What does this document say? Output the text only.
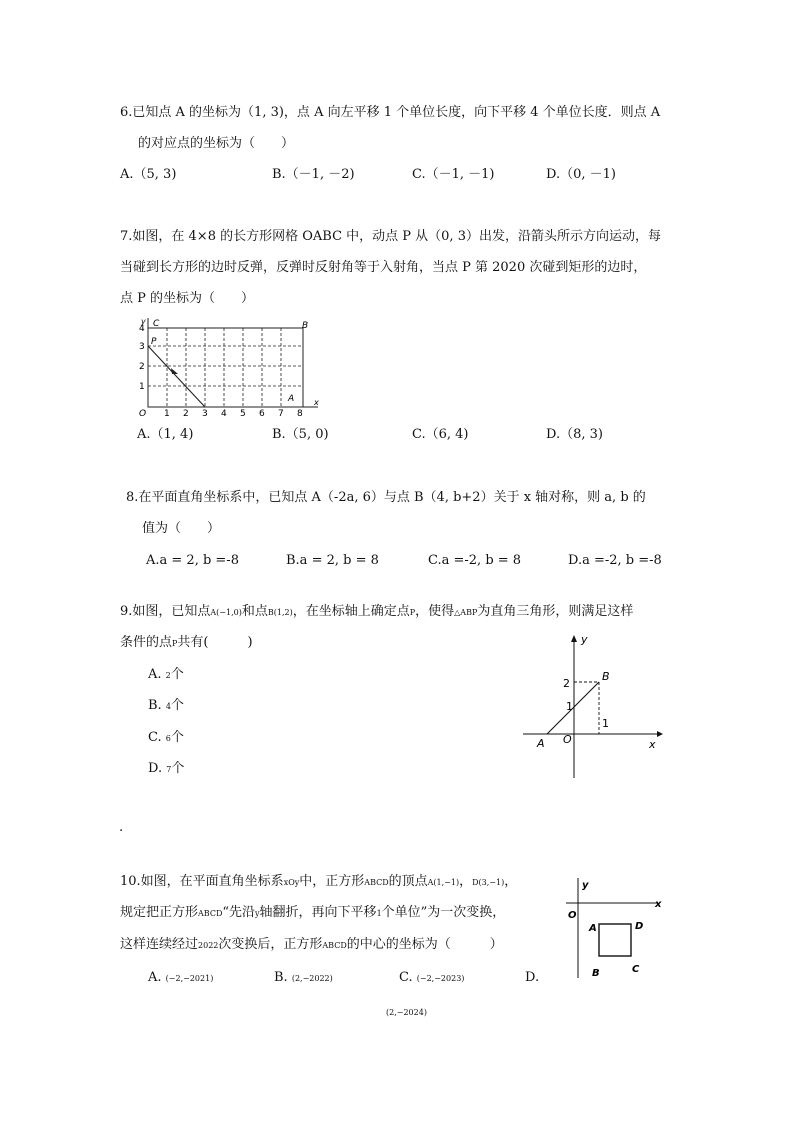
6.已知点 A 的坐标为（1, 3)，点 A 向左平移 1 个单位长度，向下平移 4 个单位长度．则点 A
的对应点的坐标为（　　）
A.（5, 3)	B.（－1, －2)	C.（－1, －1)	D.（0, －1)
7.如图，在 4×8 的长方形网格 OABC 中，动点 P 从（0, 3）出发，沿箭头所示方向运动，每
当碰到长方形的边时反弹，反弹时反射角等于入射角，当点 P 第 2020 次碰到矩形的边时，
点 P 的坐标为（　　）
y
x
C	B
P
A
O 1 2 3 4 5 6 7 8
1
2
3
4
A.（1, 4)	B.（5, 0)	C.（6, 4)	D.（8, 3)
8.在平面直角坐标系中，已知点 A（-2a, 6）与点 B（4, b+2）关于 x 轴对称，则 a, b 的
值为（　　）
A.a = 2, b =-8	B.a = 2, b = 8	C.a =-2, b = 8	D.a =-2, b =-8
9.如图，已知点A(−1,0)和点B(1,2)，在坐标轴上确定点P，使得△ABP为直角三角形，则满足这样
条件的点P共有(　　　)
A. 2个
B. 4个
C. 6个
D. 7个
y
x
2
1
1
B
A O
.
10.如图，在平面直角坐标系xOy中，正方形ABCD的顶点A(1,−1)，D(3,−1)，
规定把正方形ABCD“先沿y轴翻折，再向下平移1个单位”为一次变换，
这样连续经过2022次变换后，正方形ABCD的中心的坐标为（　　　）
A. (−2,−2021)	B. (2,−2022)	C. (−2,−2023)	D.
(2,−2024)
y
x
O
A	D
B	C
